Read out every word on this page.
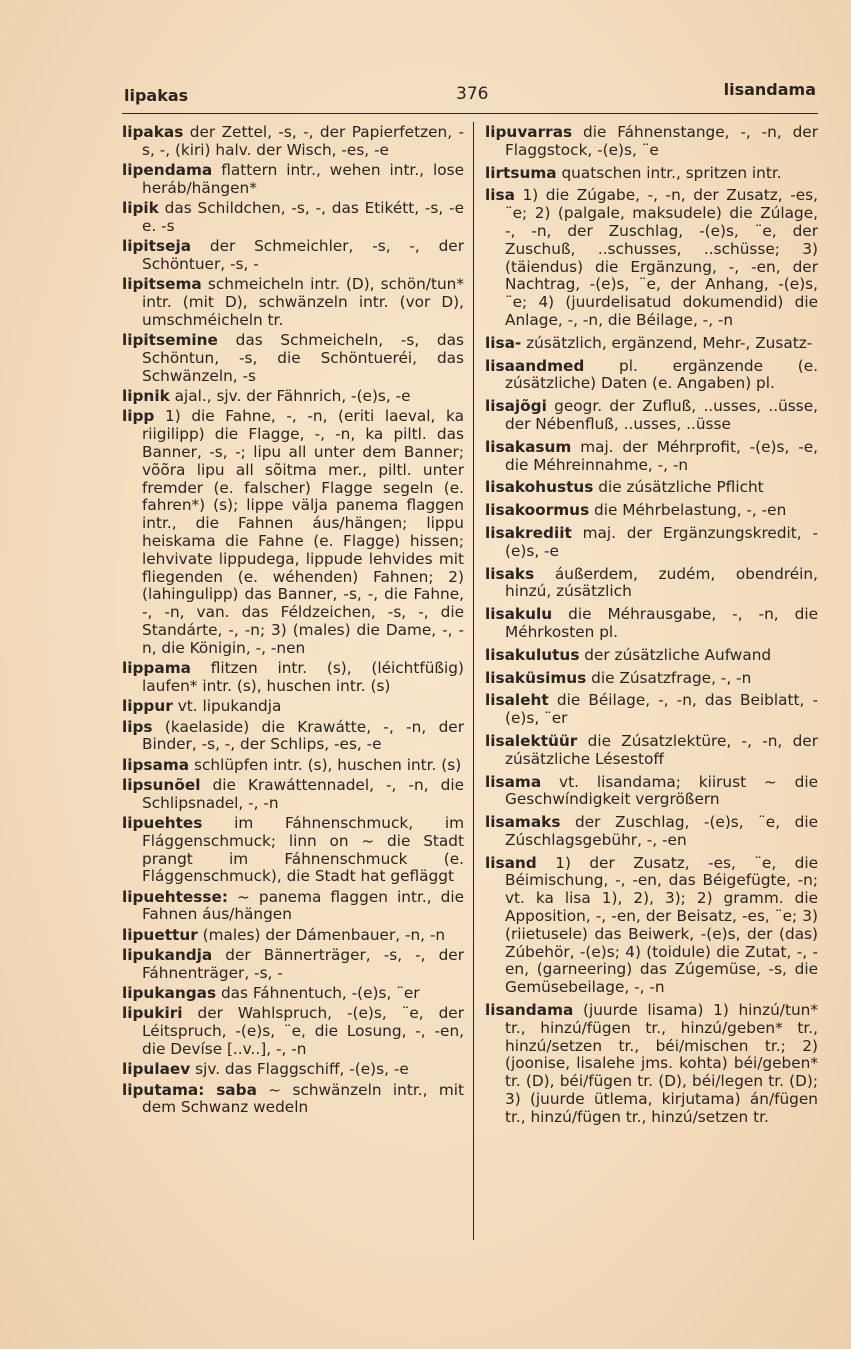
lipakas	376	lisandama

lipakas der Zettel, -s, -, der Papierfetzen, -s, -, (kiri) halv. der Wisch, -es, -e

lipendama flattern intr., wehen intr., lose heráb/hängen*

lipik das Schildchen, -s, -, das Etikétt, -s, -e e. -s

lipitseja der Schmeichler, -s, -, der Schöntuer, -s, -

lipitsema schmeicheln intr. (D), schön/tun* intr. (mit D), schwänzeln intr. (vor D), umschméicheln tr.

lipitsemine das Schmeicheln, -s, das Schöntun, -s, die Schöntueréi, das Schwänzeln, -s

lipnik ajal., sjv. der Fähnrich, -(e)s, -e

lipp 1) die Fahne, -, -n, (eriti laeval, ka riigilipp) die Flagge, -, -n, ka piltl. das Banner, -s, -; lipu all unter dem Banner; võõra lipu all sõitma mer., piltl. unter fremder (e. falscher) Flagge segeln (e. fahren*) (s); lippe välja panema flaggen intr., die Fahnen áus/hängen; lippu heiskama die Fahne (e. Flagge) hissen; lehvivate lippudega, lippude lehvides mit fliegenden (e. wéhenden) Fahnen; 2) (lahingulipp) das Banner, -s, -, die Fahne, -, -n, van. das Féldzeichen, -s, -, die Standárte, -, -n; 3) (males) die Dame, -, -n, die Königin, -, -nen

lippama flitzen intr. (s), (léichtfüßig) laufen* intr. (s), huschen intr. (s)

lippur vt. lipukandja

lips (kaelaside) die Krawátte, -, -n, der Binder, -s, -, der Schlips, -es, -e

lipsama schlüpfen intr. (s), huschen intr. (s)

lipsunõel die Krawáttennadel, -, -n, die Schlipsnadel, -, -n

lipuehtes im Fáhnenschmuck, im Flággenschmuck; linn on ~ die Stadt prangt im Fáhnenschmuck (e. Flággenschmuck), die Stadt hat gefläggt

lipuehtesse: ~ panema flaggen intr., die Fahnen áus/hängen

lipuettur (males) der Dámenbauer, -n, -n

lipukandja der Bännerträger, -s, -, der Fáhnenträger, -s, -

lipukangas das Fáhnentuch, -(e)s, ¨er

lipukiri der Wahlspruch, -(e)s, ¨e, der Léitspruch, -(e)s, ¨e, die Losung, -, -en, die Devíse [..v..], -, -n

lipulaev sjv. das Flaggschiff, -(e)s, -e

liputama: saba ~ schwänzeln intr., mit dem Schwanz wedeln

lipuvarras die Fáhnenstange, -, -n, der Flaggstock, -(e)s, ¨e

lirtsuma quatschen intr., spritzen intr.

lisa 1) die Zúgabe, -, -n, der Zusatz, -es, ¨e; 2) (palgale, maksudele) die Zúlage, -, -n, der Zuschlag, -(e)s, ¨e, der Zuschuß, ..schusses, ..schüsse; 3) (täiendus) die Ergänzung, -, -en, der Nachtrag, -(e)s, ¨e, der Anhang, -(e)s, ¨e; 4) (juurdelisatud dokumendid) die Anlage, -, -n, die Béilage, -, -n

lisa- zúsätzlich, ergänzend, Mehr-, Zusatz-

lisaandmed pl. ergänzende (e. zúsätzliche) Daten (e. Angaben) pl.

lisajõgi geogr. der Zufluß, ..usses, ..üsse, der Nébenfluß, ..usses, ..üsse

lisakasum maj. der Méhrprofit, -(e)s, -e, die Méhreinnahme, -, -n

lisakohustus die zúsätzliche Pflicht

lisakoormus die Méhrbelastung, -, -en

lisakrediit maj. der Ergänzungskredit, -(e)s, -e

lisaks áußerdem, zudém, obendréin, hinzú, zúsätzlich

lisakulu die Méhrausgabe, -, -n, die Méhrkosten pl.

lisakulutus der zúsätzliche Aufwand

lisaküsimus die Zúsatzfrage, -, -n

lisaleht die Béilage, -, -n, das Beiblatt, -(e)s, ¨er

lisalektüür die Zúsatzlektüre, -, -n, der zúsätzliche Lésestoff

lisama vt. lisandama; kiirust ~ die Geschwíndigkeit vergrößern

lisamaks der Zuschlag, -(e)s, ¨e, die Zúschlagsgebühr, -, -en

lisand 1) der Zusatz, -es, ¨e, die Béimischung, -, -en, das Béigefügte, -n; vt. ka lisa 1), 2), 3); 2) gramm. die Apposition, -, -en, der Beisatz, -es, ¨e; 3) (riietusele) das Beiwerk, -(e)s, der (das) Zúbehör, -(e)s; 4) (toidule) die Zutat, -, -en, (garneering) das Zúgemüse, -s, die Gemüsebeilage, -, -n

lisandama (juurde lisama) 1) hinzú/tun* tr., hinzú/fügen tr., hinzú/geben* tr., hinzú/setzen tr., béi/mischen tr.; 2) (joonise, lisalehe jms. kohta) béi/geben* tr. (D), béi/fügen tr. (D), béi/legen tr. (D); 3) (juurde ütlema, kirjutama) án/fügen tr., hinzú/fügen tr., hinzú/setzen tr.
